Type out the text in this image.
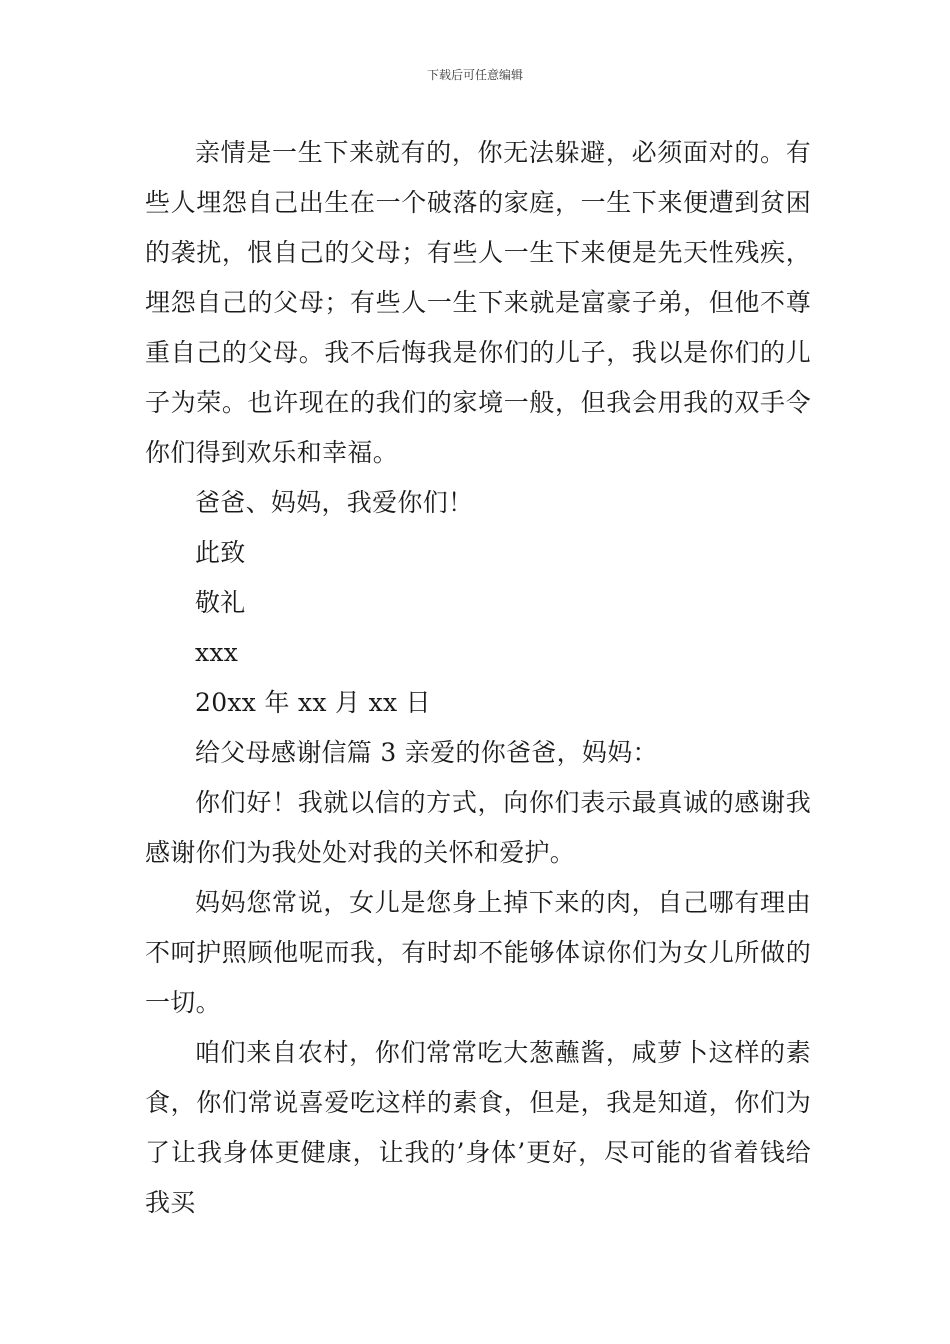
下载后可任意编辑

亲情是一生下来就有的，你无法躲避，必须面对的。有些人埋怨自己出生在一个破落的家庭，一生下来便遭到贫困的袭扰，恨自己的父母；有些人一生下来便是先天性残疾，埋怨自己的父母；有些人一生下来就是富豪子弟，但他不尊重自己的父母。我不后悔我是你们的儿子，我以是你们的儿子为荣。也许现在的我们的家境一般，但我会用我的双手令你们得到欢乐和幸福。

爸爸、妈妈，我爱你们！

此致

敬礼

xxx

20xx 年 xx 月 xx 日

给父母感谢信篇 3 亲爱的你爸爸，妈妈：

你们好！我就以信的方式，向你们表示最真诚的感谢我感谢你们为我处处对我的关怀和爱护。

妈妈您常说，女儿是您身上掉下来的肉，自己哪有理由不呵护照顾他呢而我，有时却不能够体谅你们为女儿所做的一切。

咱们来自农村，你们常常吃大葱蘸酱，咸萝卜这样的素食，你们常说喜爱吃这样的素食，但是，我是知道，你们为了让我身体更健康，让我的’身体’更好，尽可能的省着钱给我买
